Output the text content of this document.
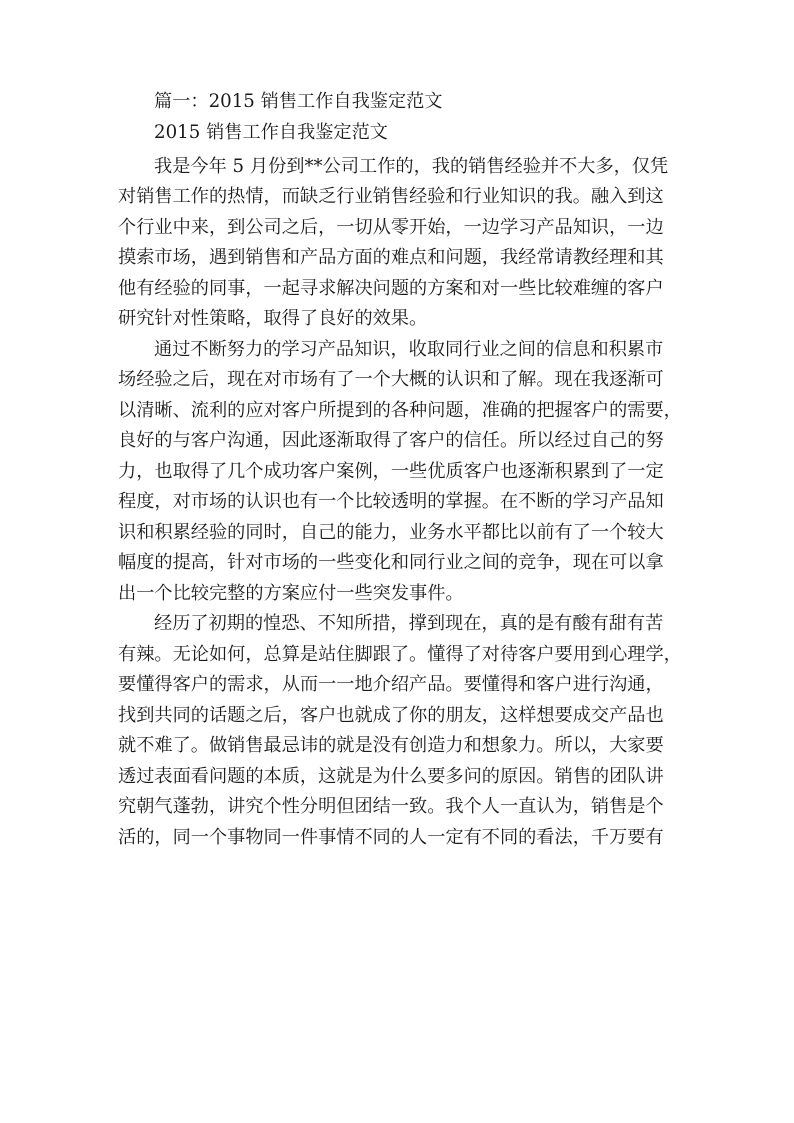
篇一：2015 销售工作自我鉴定范文
2015 销售工作自我鉴定范文
我是今年 5 月份到**公司工作的，我的销售经验并不大多，仅凭
对销售工作的热情，而缺乏行业销售经验和行业知识的我。融入到这
个行业中来，到公司之后，一切从零开始，一边学习产品知识，一边
摸索市场，遇到销售和产品方面的难点和问题，我经常请教经理和其
他有经验的同事，一起寻求解决问题的方案和对一些比较难缠的客户
研究针对性策略，取得了良好的效果。
通过不断努力的学习产品知识，收取同行业之间的信息和积累市
场经验之后，现在对市场有了一个大概的认识和了解。现在我逐渐可
以清晰、流利的应对客户所提到的各种问题，准确的把握客户的需要，
良好的与客户沟通，因此逐渐取得了客户的信任。所以经过自己的努
力，也取得了几个成功客户案例，一些优质客户也逐渐积累到了一定
程度，对市场的认识也有一个比较透明的掌握。在不断的学习产品知
识和积累经验的同时，自己的能力，业务水平都比以前有了一个较大
幅度的提高，针对市场的一些变化和同行业之间的竞争，现在可以拿
出一个比较完整的方案应付一些突发事件。
经历了初期的惶恐、不知所措，撑到现在，真的是有酸有甜有苦
有辣。无论如何，总算是站住脚跟了。懂得了对待客户要用到心理学，
要懂得客户的需求，从而一一地介绍产品。要懂得和客户进行沟通，
找到共同的话题之后，客户也就成了你的朋友，这样想要成交产品也
就不难了。做销售最忌讳的就是没有创造力和想象力。所以，大家要
透过表面看问题的本质，这就是为什么要多问的原因。销售的团队讲
究朝气蓬勃，讲究个性分明但团结一致。我个人一直认为，销售是个
活的，同一个事物同一件事情不同的人一定有不同的看法，千万要有
